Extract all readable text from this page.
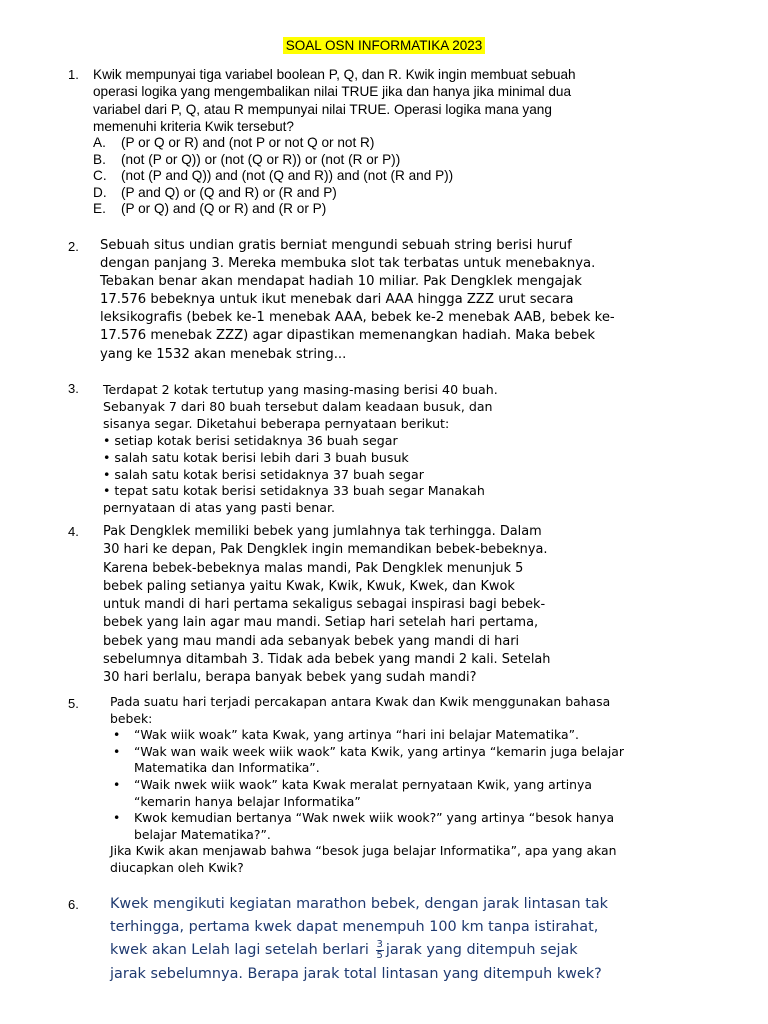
SOAL OSN INFORMATIKA 2023
1. Kwik mempunyai tiga variabel boolean P, Q, dan R. Kwik ingin membuat sebuah

operasi logika yang mengembalikan nilai TRUE jika dan hanya jika minimal dua

variabel dari P, Q, atau R mempunyai nilai TRUE. Operasi logika mana yang

memenuhi kriteria Kwik tersebut?

A.	(P or Q or R) and (not P or not Q or not R)
B.	(not (P or Q)) or (not (Q or R)) or (not (R or P))
C.	(not (P and Q)) and (not (Q and R)) and (not (R and P))
D.	(P and Q) or (Q and R) or (R and P)
E.	(P or Q) and (Q or R) and (R or P)
2. Sebuah situs undian gratis berniat mengundi sebuah string berisi huruf

dengan panjang 3. Mereka membuka slot tak terbatas untuk menebaknya.

Tebakan benar akan mendapat hadiah 10 miliar. Pak Dengklek mengajak

17.576 bebeknya untuk ikut menebak dari AAA hingga ZZZ urut secara

leksikografis (bebek ke-1 menebak AAA, bebek ke-2 menebak AAB, bebek ke-

17.576 menebak ZZZ) agar dipastikan memenangkan hadiah. Maka bebek

yang ke 1532 akan menebak string...

3. Terdapat 2 kotak tertutup yang masing-masing berisi 40 buah.

Sebanyak 7 dari 80 buah tersebut dalam keadaan busuk, dan

sisanya segar. Diketahui beberapa pernyataan berikut:

• setiap kotak berisi setidaknya 36 buah segar

• salah satu kotak berisi lebih dari 3 buah busuk

• salah satu kotak berisi setidaknya 37 buah segar

• tepat satu kotak berisi setidaknya 33 buah segar Manakah

pernyataan di atas yang pasti benar.

4. Pak Dengklek memiliki bebek yang jumlahnya tak terhingga. Dalam

30 hari ke depan, Pak Dengklek ingin memandikan bebek-bebeknya.

Karena bebek-bebeknya malas mandi, Pak Dengklek menunjuk 5

bebek paling setianya yaitu Kwak, Kwik, Kwuk, Kwek, dan Kwok

untuk mandi di hari pertama sekaligus sebagai inspirasi bagi bebek-

bebek yang lain agar mau mandi. Setiap hari setelah hari pertama,

bebek yang mau mandi ada sebanyak bebek yang mandi di hari

sebelumnya ditambah 3. Tidak ada bebek yang mandi 2 kali. Setelah

30 hari berlalu, berapa banyak bebek yang sudah mandi?

5.	Pada suatu hari terjadi percakapan antara Kwak dan Kwik menggunakan bahasa bebek:

• “Wak wiik woak” kata Kwak, yang artinya “hari ini belajar Matematika”.
• “Wak wan waik week wiik waok” kata Kwik, yang artinya “kemarin juga belajar Matematika dan Informatika”.
• “Waik nwek wiik waok” kata Kwak meralat pernyataan Kwik, yang artinya “kemarin hanya belajar Informatika”
• Kwok kemudian bertanya “Wak nwek wiik wook?” yang artinya “besok hanya belajar Matematika?”.

Jika Kwik akan menjawab bahwa “besok juga belajar Informatika”, apa yang akan diucapkan oleh Kwik?

6. Kwek mengikuti kegiatan marathon bebek, dengan jarak lintasan tak

terhingga, pertama kwek dapat menempuh 100 km tanpa istirahat,

kwek akan Lelah lagi setelah berlari $\frac{3}{5}$ jarak yang ditempuh sejak

jarak sebelumnya. Berapa jarak total lintasan yang ditempuh kwek?
